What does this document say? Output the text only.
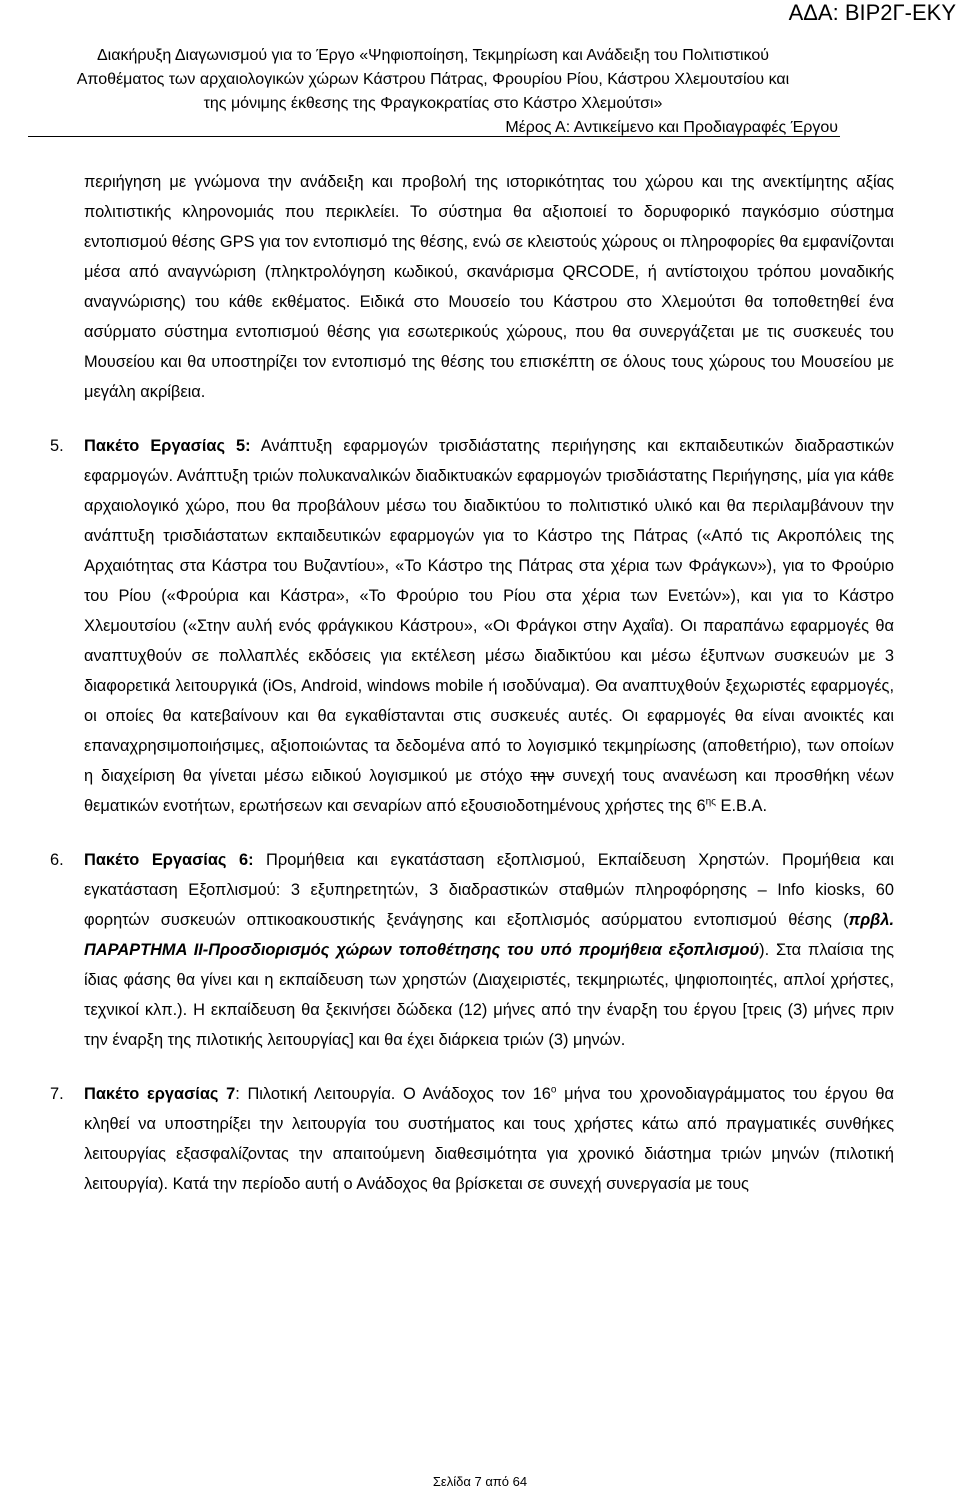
ΑΔΑ: ΒΙΡ2Γ-ΕΚΥ
Διακήρυξη Διαγωνισμού για το Έργο «Ψηφιοποίηση, Τεκμηρίωση και Ανάδειξη του Πολιτιστικού
Αποθέματος των αρχαιολογικών χώρων Κάστρου Πάτρας, Φρουρίου Ρίου, Κάστρου Χλεμουτσίου και
της μόνιμης έκθεσης της Φραγκοκρατίας στο Κάστρο Χλεμούτσι»
Μέρος Α: Αντικείμενο και Προδιαγραφές Έργου

περιήγηση με γνώμονα την ανάδειξη και προβολή της ιστορικότητας του χώρου και της ανεκτίμητης αξίας πολιτιστικής κληρονομιάς που περικλείει. Το σύστημα θα αξιοποιεί το δορυφορικό παγκόσμιο σύστημα εντοπισμού θέσης GPS για τον εντοπισμό της θέσης, ενώ σε κλειστούς χώρους οι πληροφορίες θα εμφανίζονται μέσα από αναγνώριση (πληκτρολόγηση κωδικού, σκανάρισμα QRCODE, ή αντίστοιχου τρόπου μοναδικής αναγνώρισης) του κάθε εκθέματος. Ειδικά στο Μουσείο του Κάστρου στο Χλεμούτσι θα τοποθετηθεί ένα ασύρματο σύστημα εντοπισμού θέσης για εσωτερικούς χώρους, που θα συνεργάζεται με τις συσκευές του Μουσείου και θα υποστηρίζει τον εντοπισμό της θέσης του επισκέπτη σε όλους τους χώρους του Μουσείου με μεγάλη ακρίβεια.

5. Πακέτο Εργασίας 5: Ανάπτυξη εφαρμογών τρισδιάστατης περιήγησης και εκπαιδευτικών διαδραστικών εφαρμογών. Ανάπτυξη τριών πολυκαναλικών διαδικτυακών εφαρμογών τρισδιάστατης Περιήγησης, μία για κάθε αρχαιολογικό χώρο, που θα προβάλουν μέσω του διαδικτύου το πολιτιστικό υλικό και θα περιλαμβάνουν την ανάπτυξη τρισδιάστατων εκπαιδευτικών εφαρμογών για το Κάστρο της Πάτρας («Από τις Ακροπόλεις της Αρχαιότητας στα Κάστρα του Βυζαντίου», «Το Κάστρο της Πάτρας στα χέρια των Φράγκων»), για το Φρούριο του Ρίου («Φρούρια και Κάστρα», «Το Φρούριο του Ρίου στα χέρια των Ενετών»), και για το Κάστρο Χλεμουτσίου («Στην αυλή ενός φράγκικου Κάστρου», «Οι Φράγκοι στην Αχαΐα). Οι παραπάνω εφαρμογές θα αναπτυχθούν σε πολλαπλές εκδόσεις για εκτέλεση μέσω διαδικτύου και μέσω έξυπνων συσκευών με 3 διαφορετικά λειτουργικά (iOs, Android, windows mobile ή ισοδύναμα). Θα αναπτυχθούν ξεχωριστές εφαρμογές, οι οποίες θα κατεβαίνουν και θα εγκαθίστανται στις συσκευές αυτές. Οι εφαρμογές θα είναι ανοικτές και επαναχρησιμοποιήσιμες, αξιοποιώντας τα δεδομένα από το λογισμικό τεκμηρίωσης (αποθετήριο), των οποίων η διαχείριση θα γίνεται μέσω ειδικού λογισμικού με στόχο την συνεχή τους ανανέωση και προσθήκη νέων θεματικών ενοτήτων, ερωτήσεων και σεναρίων από εξουσιοδοτημένους χρήστες της $6^{\eta\varsigma}$ Ε.Β.Α.

6. Πακέτο Εργασίας 6: Προμήθεια και εγκατάσταση εξοπλισμού, Εκπαίδευση Χρηστών. Προμήθεια και εγκατάσταση Εξοπλισμού: 3 εξυπηρετητών, 3 διαδραστικών σταθμών πληροφόρησης – Info kiosks, 60 φορητών συσκευών οπτικοακουστικής ξενάγησης και εξοπλισμός ασύρματου εντοπισμού θέσης (πρβλ. ΠΑΡΑΡΤΗΜΑ ΙΙ-Προσδιορισμός χώρων τοποθέτησης του υπό προμήθεια εξοπλισμού). Στα πλαίσια της ίδιας φάσης θα γίνει και η εκπαίδευση των χρηστών (Διαχειριστές, τεκμηριωτές, ψηφιοποιητές, απλοί χρήστες, τεχνικοί κλπ.). Η εκπαίδευση θα ξεκινήσει δώδεκα (12) μήνες από την έναρξη του έργου [τρεις (3) μήνες πριν την έναρξη της πιλοτικής λειτουργίας] και θα έχει διάρκεια τριών (3) μηνών.

7. Πακέτο εργασίας 7: Πιλοτική Λειτουργία. Ο Ανάδοχος τον $16^o$ μήνα του χρονοδιαγράμματος του έργου θα κληθεί να υποστηρίξει την λειτουργία του συστήματος και τους χρήστες κάτω από πραγματικές συνθήκες λειτουργίας εξασφαλίζοντας την απαιτούμενη διαθεσιμότητα για χρονικό διάστημα τριών μηνών (πιλοτική λειτουργία). Κατά την περίοδο αυτή ο Ανάδοχος θα βρίσκεται σε συνεχή συνεργασία με τους

Σελίδα 7 από 64
